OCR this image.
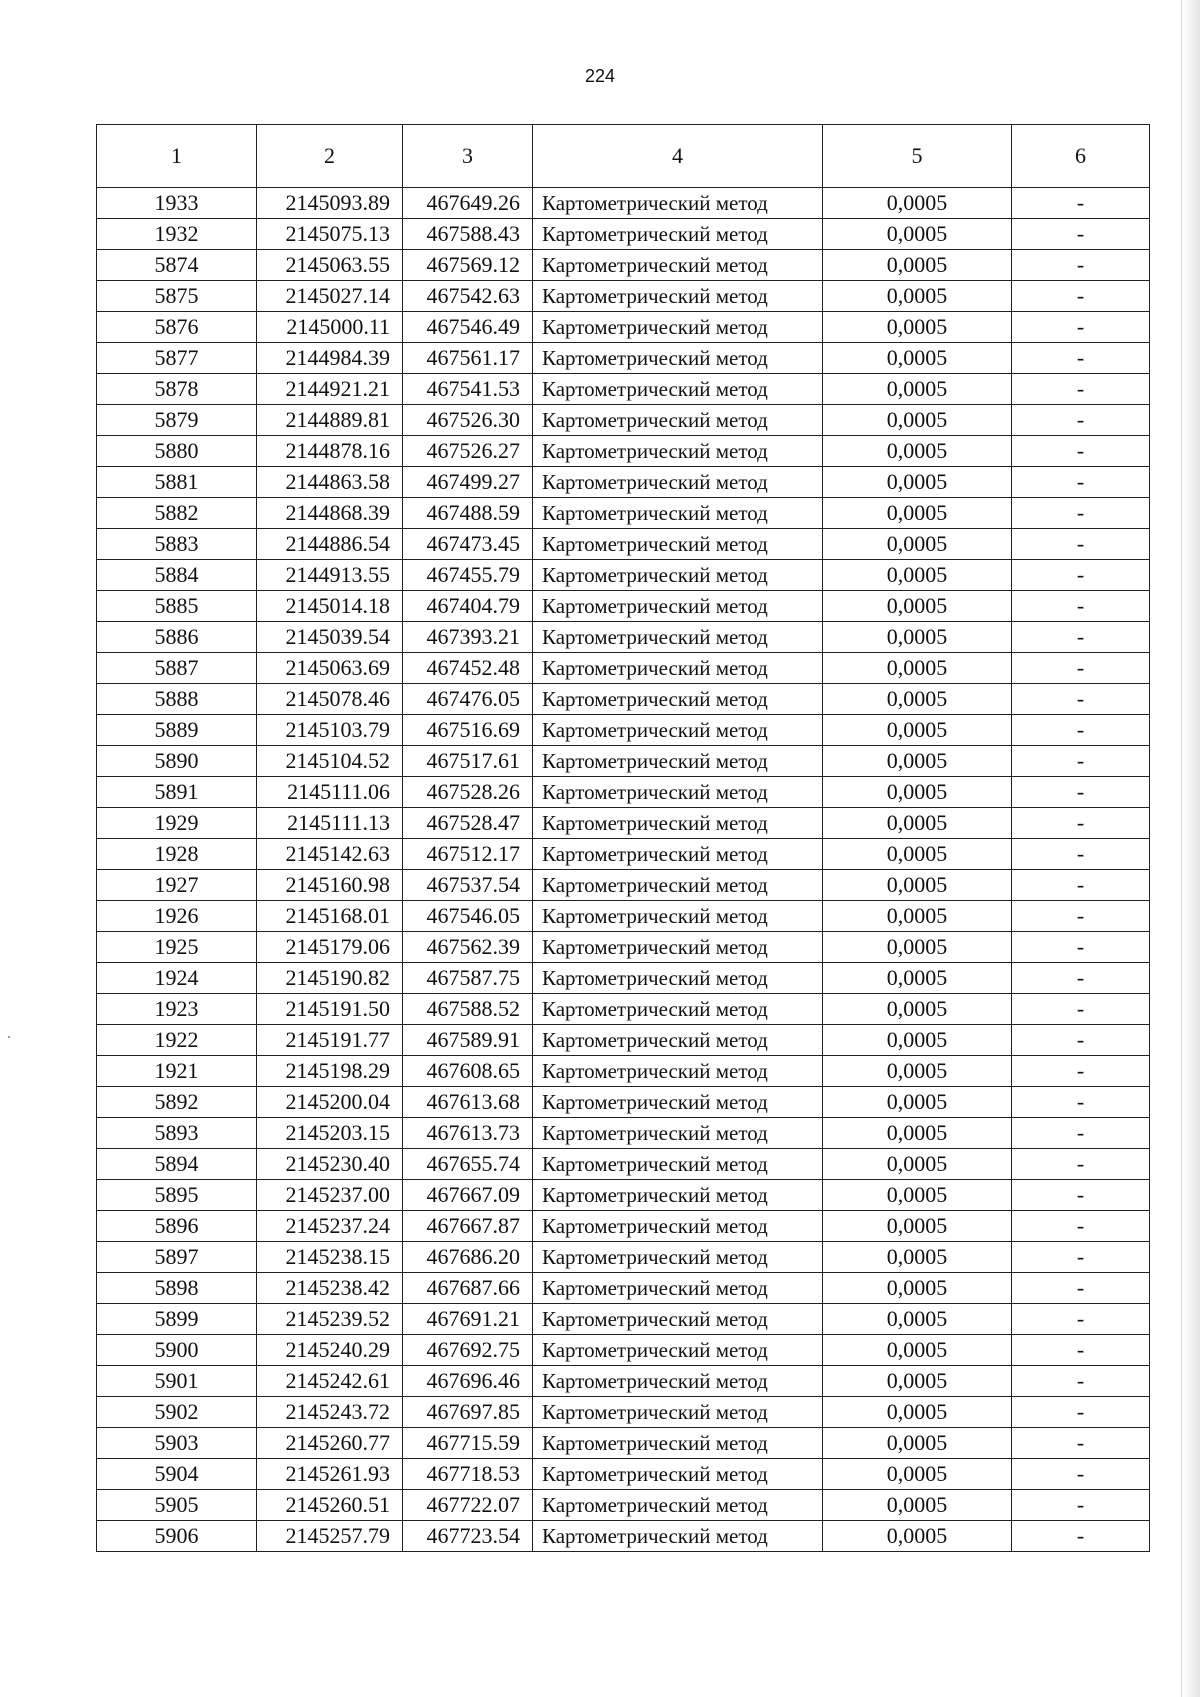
224
1	2	3	4	5	6
1933	2145093.89	467649.26	Картометрический метод	0,0005	-
1932	2145075.13	467588.43	Картометрический метод	0,0005	-
5874	2145063.55	467569.12	Картометрический метод	0,0005	-
5875	2145027.14	467542.63	Картометрический метод	0,0005	-
5876	2145000.11	467546.49	Картометрический метод	0,0005	-
5877	2144984.39	467561.17	Картометрический метод	0,0005	-
5878	2144921.21	467541.53	Картометрический метод	0,0005	-
5879	2144889.81	467526.30	Картометрический метод	0,0005	-
5880	2144878.16	467526.27	Картометрический метод	0,0005	-
5881	2144863.58	467499.27	Картометрический метод	0,0005	-
5882	2144868.39	467488.59	Картометрический метод	0,0005	-
5883	2144886.54	467473.45	Картометрический метод	0,0005	-
5884	2144913.55	467455.79	Картометрический метод	0,0005	-
5885	2145014.18	467404.79	Картометрический метод	0,0005	-
5886	2145039.54	467393.21	Картометрический метод	0,0005	-
5887	2145063.69	467452.48	Картометрический метод	0,0005	-
5888	2145078.46	467476.05	Картометрический метод	0,0005	-
5889	2145103.79	467516.69	Картометрический метод	0,0005	-
5890	2145104.52	467517.61	Картометрический метод	0,0005	-
5891	2145111.06	467528.26	Картометрический метод	0,0005	-
1929	2145111.13	467528.47	Картометрический метод	0,0005	-
1928	2145142.63	467512.17	Картометрический метод	0,0005	-
1927	2145160.98	467537.54	Картометрический метод	0,0005	-
1926	2145168.01	467546.05	Картометрический метод	0,0005	-
1925	2145179.06	467562.39	Картометрический метод	0,0005	-
1924	2145190.82	467587.75	Картометрический метод	0,0005	-
1923	2145191.50	467588.52	Картометрический метод	0,0005	-
1922	2145191.77	467589.91	Картометрический метод	0,0005	-
1921	2145198.29	467608.65	Картометрический метод	0,0005	-
5892	2145200.04	467613.68	Картометрический метод	0,0005	-
5893	2145203.15	467613.73	Картометрический метод	0,0005	-
5894	2145230.40	467655.74	Картометрический метод	0,0005	-
5895	2145237.00	467667.09	Картометрический метод	0,0005	-
5896	2145237.24	467667.87	Картометрический метод	0,0005	-
5897	2145238.15	467686.20	Картометрический метод	0,0005	-
5898	2145238.42	467687.66	Картометрический метод	0,0005	-
5899	2145239.52	467691.21	Картометрический метод	0,0005	-
5900	2145240.29	467692.75	Картометрический метод	0,0005	-
5901	2145242.61	467696.46	Картометрический метод	0,0005	-
5902	2145243.72	467697.85	Картометрический метод	0,0005	-
5903	2145260.77	467715.59	Картометрический метод	0,0005	-
5904	2145261.93	467718.53	Картометрический метод	0,0005	-
5905	2145260.51	467722.07	Картометрический метод	0,0005	-
5906	2145257.79	467723.54	Картометрический метод	0,0005	-
